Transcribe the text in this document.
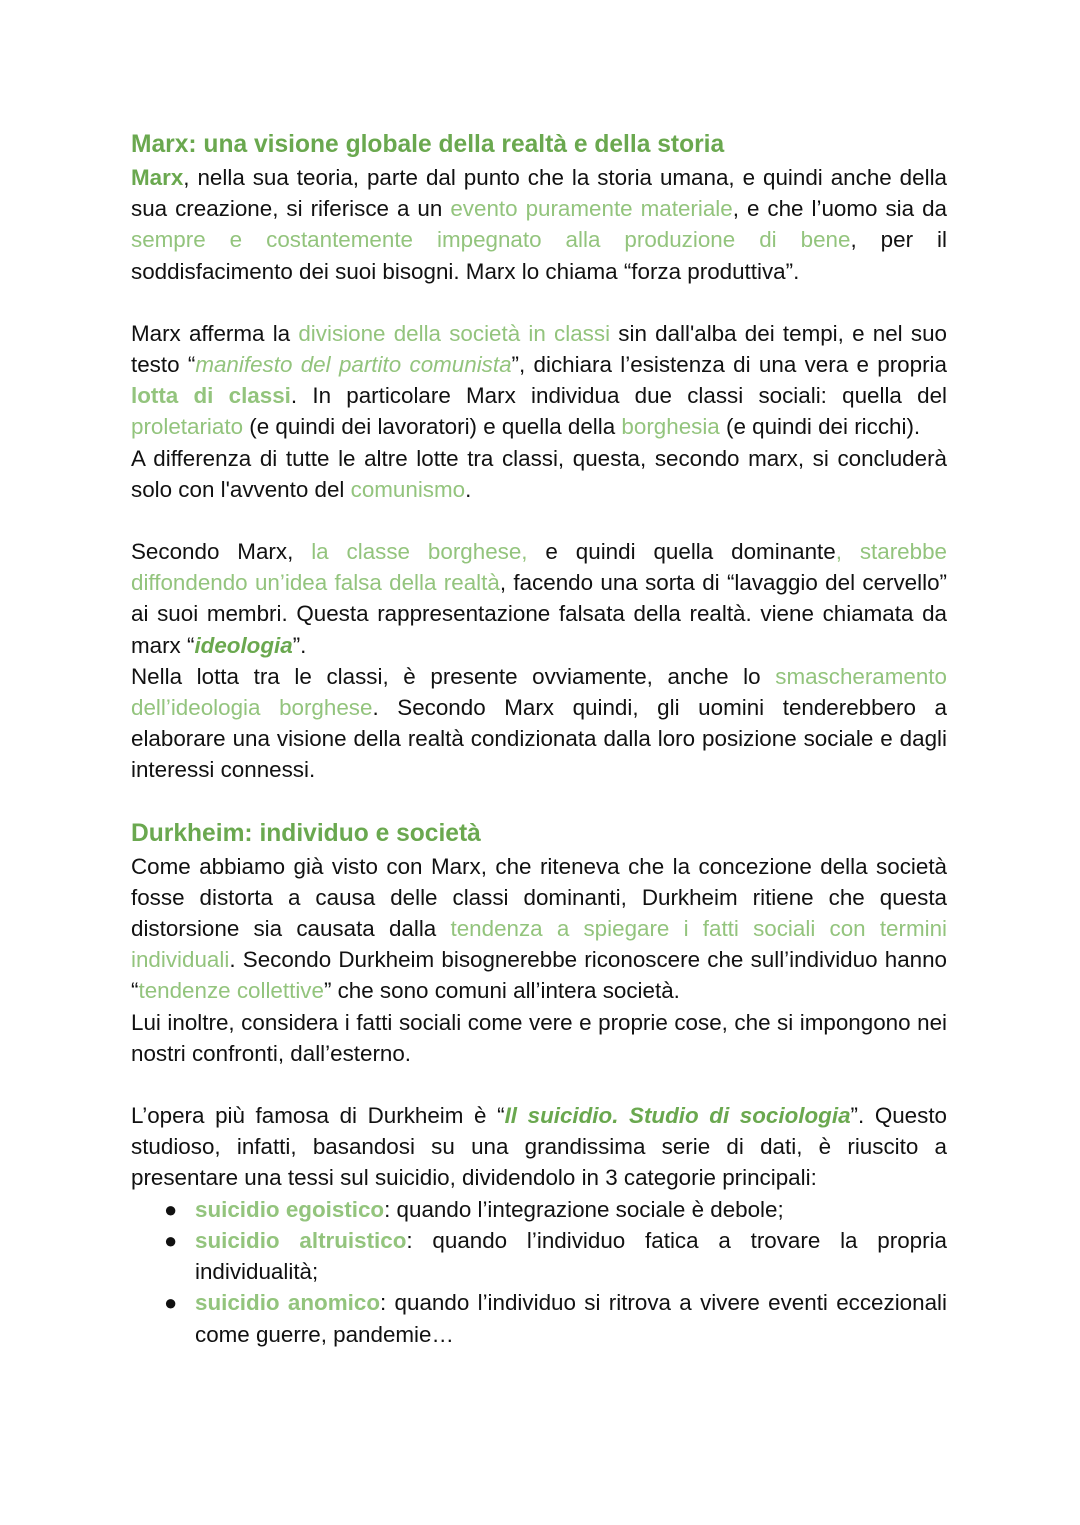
Marx: una visione globale della realtà e della storia

Marx, nella sua teoria, parte dal punto che la storia umana, e quindi anche della sua creazione, si riferisce a un evento puramente materiale, e che l’uomo sia da sempre e costantemente impegnato alla produzione di bene, per il soddisfacimento dei suoi bisogni. Marx lo chiama “forza produttiva”.

Marx afferma la divisione della società in classi sin dall'alba dei tempi, e nel suo testo “manifesto del partito comunista”, dichiara l’esistenza di una vera e propria lotta di classi. In particolare Marx individua due classi sociali: quella del proletariato (e quindi dei lavoratori) e quella della borghesia (e quindi dei ricchi).

A differenza di tutte le altre lotte tra classi, questa, secondo marx, si concluderà solo con l'avvento del comunismo.

Secondo Marx, la classe borghese, e quindi quella dominante, starebbe diffondendo un’idea falsa della realtà, facendo una sorta di “lavaggio del cervello” ai suoi membri. Questa rappresentazione falsata della realtà. viene chiamata da marx “ideologia”.

Nella lotta tra le classi, è presente ovviamente, anche lo smascheramento dell’ideologia borghese. Secondo Marx quindi, gli uomini tenderebbero a elaborare una visione della realtà condizionata dalla loro posizione sociale e dagli interessi connessi.

Durkheim: individuo e società

Come abbiamo già visto con Marx, che riteneva che la concezione della società fosse distorta a causa delle classi dominanti, Durkheim ritiene che questa distorsione sia causata dalla tendenza a spiegare i fatti sociali con termini individuali. Secondo Durkheim bisognerebbe riconoscere che sull’individuo hanno “tendenze collettive” che sono comuni all’intera società.

Lui inoltre, considera i fatti sociali come vere e proprie cose, che si impongono nei nostri confronti, dall’esterno.

L’opera più famosa di Durkheim è “Il suicidio. Studio di sociologia”. Questo studioso, infatti, basandosi su una grandissima serie di dati, è riuscito a presentare una tessi sul suicidio, dividendolo in 3 categorie principali:

● suicidio egoistico: quando l’integrazione sociale è debole;
● suicidio altruistico: quando l’individuo fatica a trovare la propria individualità;
● suicidio anomico: quando l’individuo si ritrova a vivere eventi eccezionali come guerre, pandemie…
